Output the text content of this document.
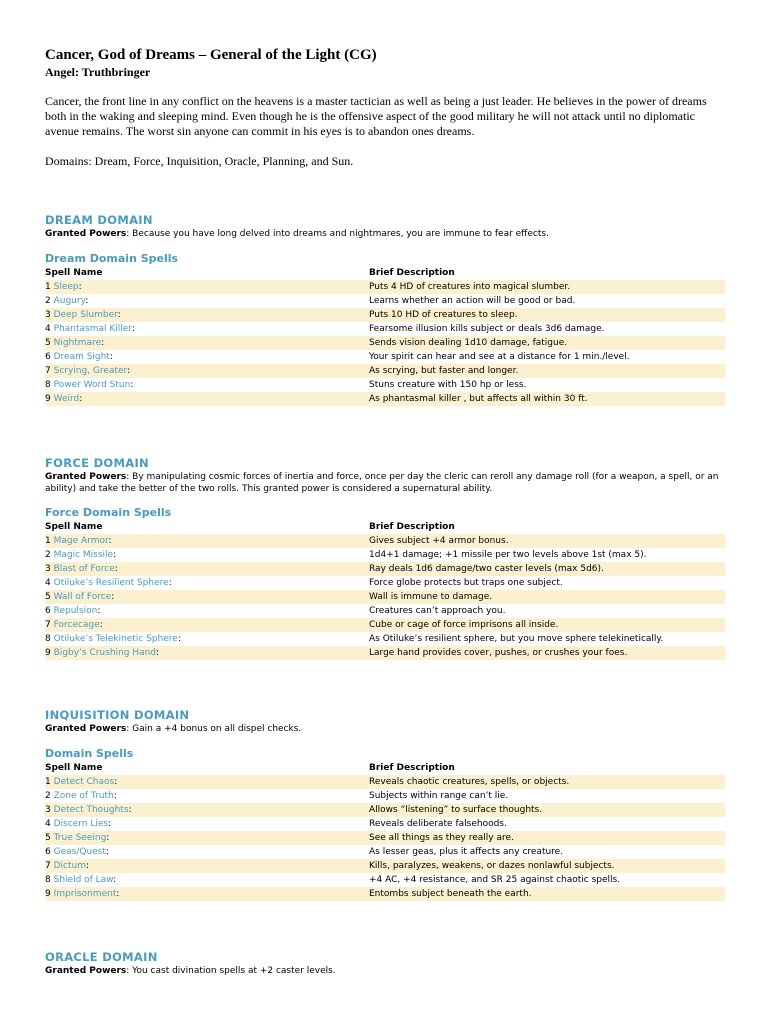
Cancer, God of Dreams – General of the Light (CG)
Angel: Truthbringer

Cancer, the front line in any conflict on the heavens is a master tactician as well as being a just leader. He believes in the power of dreams both in the waking and sleeping mind. Even though he is the offensive aspect of the good military he will not attack until no diplomatic avenue remains. The worst sin anyone can commit in his eyes is to abandon ones dreams.

Domains: Dream, Force, Inquisition, Oracle, Planning, and Sun.
DREAM DOMAIN

Granted Powers: Because you have long delved into dreams and nightmares, you are immune to fear effects.

Dream Domain Spells
Spell Name	Brief Description
1 Sleep:	Puts 4 HD of creatures into magical slumber.
2 Augury:	Learns whether an action will be good or bad.
3 Deep Slumber:	Puts 10 HD of creatures to sleep.
4 Phantasmal Killer:	Fearsome illusion kills subject or deals 3d6 damage.
5 Nightmare:	Sends vision dealing 1d10 damage, fatigue.
6 Dream Sight:	Your spirit can hear and see at a distance for 1 min./level.
7 Scrying, Greater:	As scrying, but faster and longer.
8 Power Word Stun:	Stuns creature with 150 hp or less.
9 Weird:	As phantasmal killer , but affects all within 30 ft.
FORCE DOMAIN

Granted Powers: By manipulating cosmic forces of inertia and force, once per day the cleric can reroll any damage roll (for a weapon, a spell, or an ability) and take the better of the two rolls. This granted power is considered a supernatural ability.

Force Domain Spells
Spell Name	Brief Description
1 Mage Armor:	Gives subject +4 armor bonus.
2 Magic Missile:	1d4+1 damage; +1 missile per two levels above 1st (max 5).
3 Blast of Force:	Ray deals 1d6 damage/two caster levels (max 5d6).
4 Otiluke’s Resilient Sphere:	Force globe protects but traps one subject.
5 Wall of Force:	Wall is immune to damage.
6 Repulsion:	Creatures can’t approach you.
7 Forcecage:	Cube or cage of force imprisons all inside.
8 Otiluke’s Telekinetic Sphere:	As Otiluke’s resilient sphere, but you move sphere telekinetically.
9 Bigby’s Crushing Hand:	Large hand provides cover, pushes, or crushes your foes.
INQUISITION DOMAIN

Granted Powers: Gain a +4 bonus on all dispel checks.

Domain Spells
Spell Name	Brief Description
1 Detect Chaos:	Reveals chaotic creatures, spells, or objects.
2 Zone of Truth:	Subjects within range can’t lie.
3 Detect Thoughts:	Allows “listening” to surface thoughts.
4 Discern Lies:	Reveals deliberate falsehoods.
5 True Seeing:	See all things as they really are.
6 Geas/Quest:	As lesser geas, plus it affects any creature.
7 Dictum:	Kills, paralyzes, weakens, or dazes nonlawful subjects.
8 Shield of Law:	+4 AC, +4 resistance, and SR 25 against chaotic spells.
9 Imprisonment:	Entombs subject beneath the earth.
ORACLE DOMAIN

Granted Powers: You cast divination spells at +2 caster levels.
